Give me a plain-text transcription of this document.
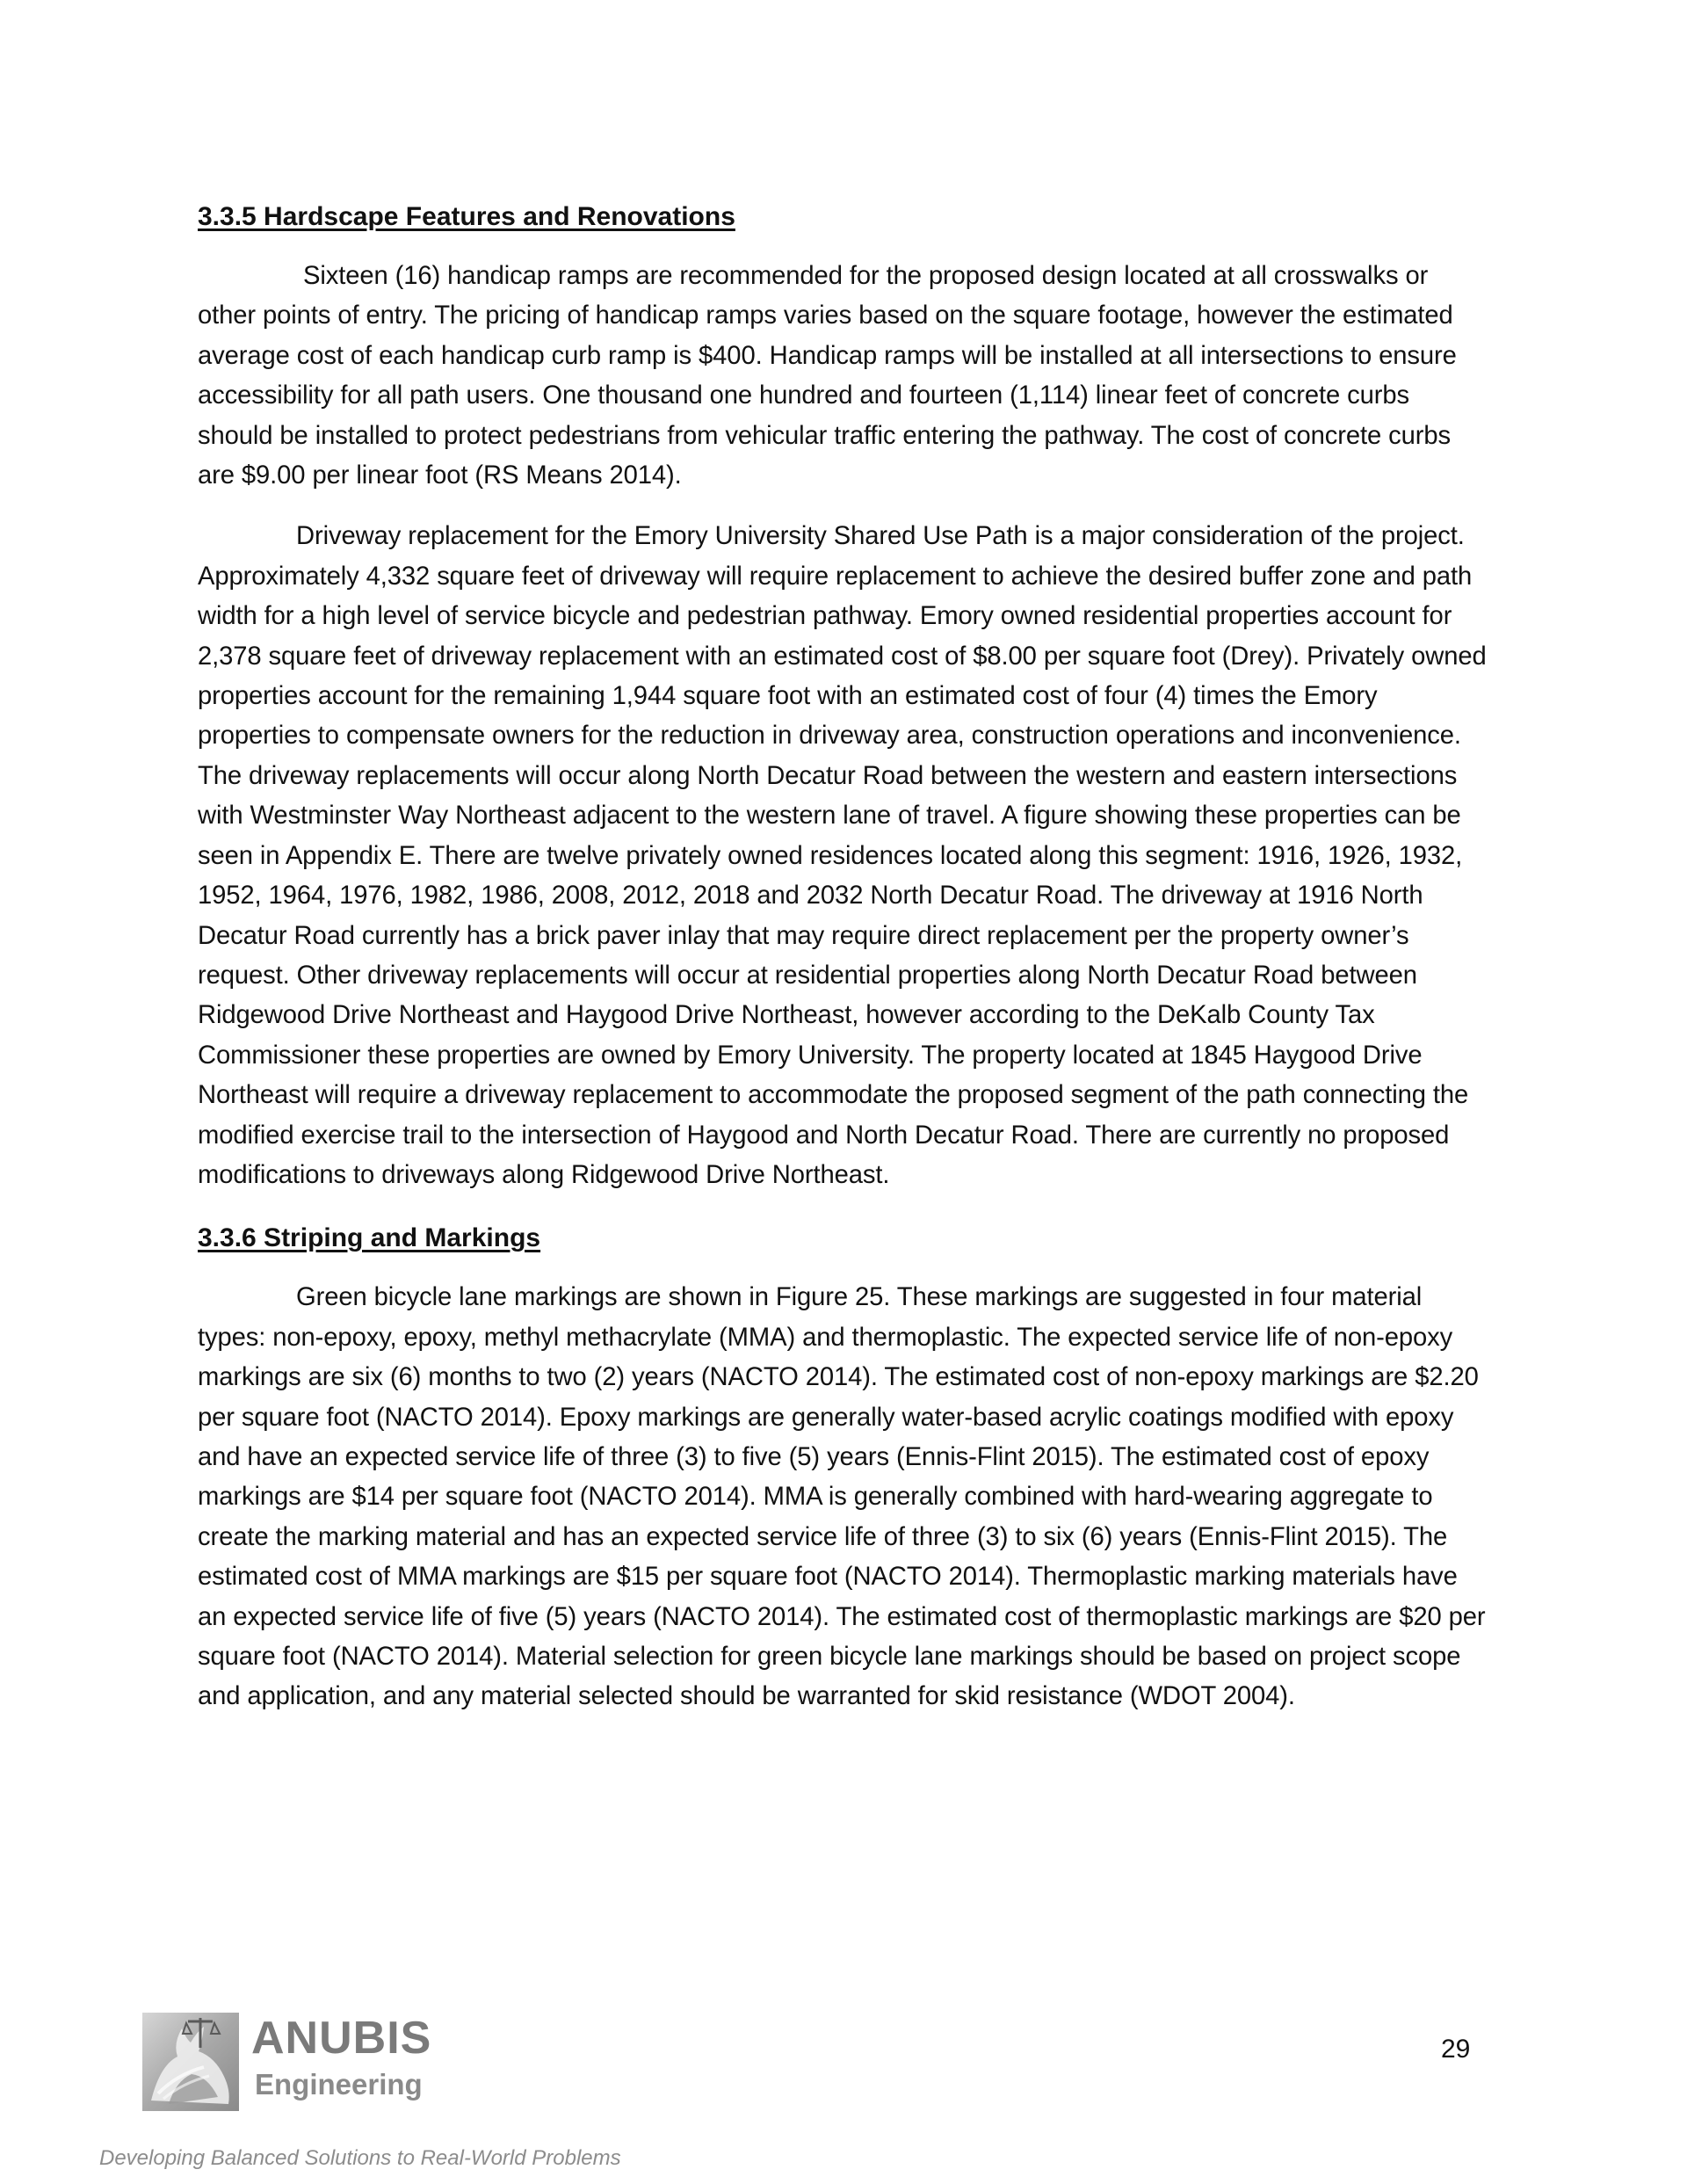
3.3.5 Hardscape Features and Renovations

Sixteen (16) handicap ramps are recommended for the proposed design located at all crosswalks or other points of entry. The pricing of handicap ramps varies based on the square footage, however the estimated average cost of each handicap curb ramp is $400. Handicap ramps will be installed at all intersections to ensure accessibility for all path users. One thousand one hundred and fourteen (1,114) linear feet of concrete curbs should be installed to protect pedestrians from vehicular traffic entering the pathway. The cost of concrete curbs are $9.00 per linear foot (RS Means 2014).

Driveway replacement for the Emory University Shared Use Path is a major consideration of the project. Approximately 4,332 square feet of driveway will require replacement to achieve the desired buffer zone and path width for a high level of service bicycle and pedestrian pathway. Emory owned residential properties account for 2,378 square feet of driveway replacement with an estimated cost of $8.00 per square foot (Drey). Privately owned properties account for the remaining 1,944 square foot with an estimated cost of four (4) times the Emory properties to compensate owners for the reduction in driveway area, construction operations and inconvenience. The driveway replacements will occur along North Decatur Road between the western and eastern intersections with Westminster Way Northeast adjacent to the western lane of travel. A figure showing these properties can be seen in Appendix E. There are twelve privately owned residences located along this segment: 1916, 1926, 1932, 1952, 1964, 1976, 1982, 1986, 2008, 2012, 2018 and 2032 North Decatur Road. The driveway at 1916 North Decatur Road currently has a brick paver inlay that may require direct replacement per the property owner’s request. Other driveway replacements will occur at residential properties along North Decatur Road between Ridgewood Drive Northeast and Haygood Drive Northeast, however according to the DeKalb County Tax Commissioner these properties are owned by Emory University. The property located at 1845 Haygood Drive Northeast will require a driveway replacement to accommodate the proposed segment of the path connecting the modified exercise trail to the intersection of Haygood and North Decatur Road. There are currently no proposed modifications to driveways along Ridgewood Drive Northeast.

3.3.6 Striping and Markings

Green bicycle lane markings are shown in Figure 25. These markings are suggested in four material types: non-epoxy, epoxy, methyl methacrylate (MMA) and thermoplastic. The expected service life of non-epoxy markings are six (6) months to two (2) years (NACTO 2014). The estimated cost of non-epoxy markings are $2.20 per square foot (NACTO 2014). Epoxy markings are generally water-based acrylic coatings modified with epoxy and have an expected service life of three (3) to five (5) years (Ennis-Flint 2015). The estimated cost of epoxy markings are $14 per square foot (NACTO 2014). MMA is generally combined with hard-wearing aggregate to create the marking material and has an expected service life of three (3) to six (6) years (Ennis-Flint 2015). The estimated cost of MMA markings are $15 per square foot (NACTO 2014). Thermoplastic marking materials have an expected service life of five (5) years (NACTO 2014). The estimated cost of thermoplastic markings are $20 per square foot (NACTO 2014). Material selection for green bicycle lane markings should be based on project scope and application, and any material selected should be warranted for skid resistance (WDOT 2004).

ANUBIS
Engineering
29
Developing Balanced Solutions to Real-World Problems
